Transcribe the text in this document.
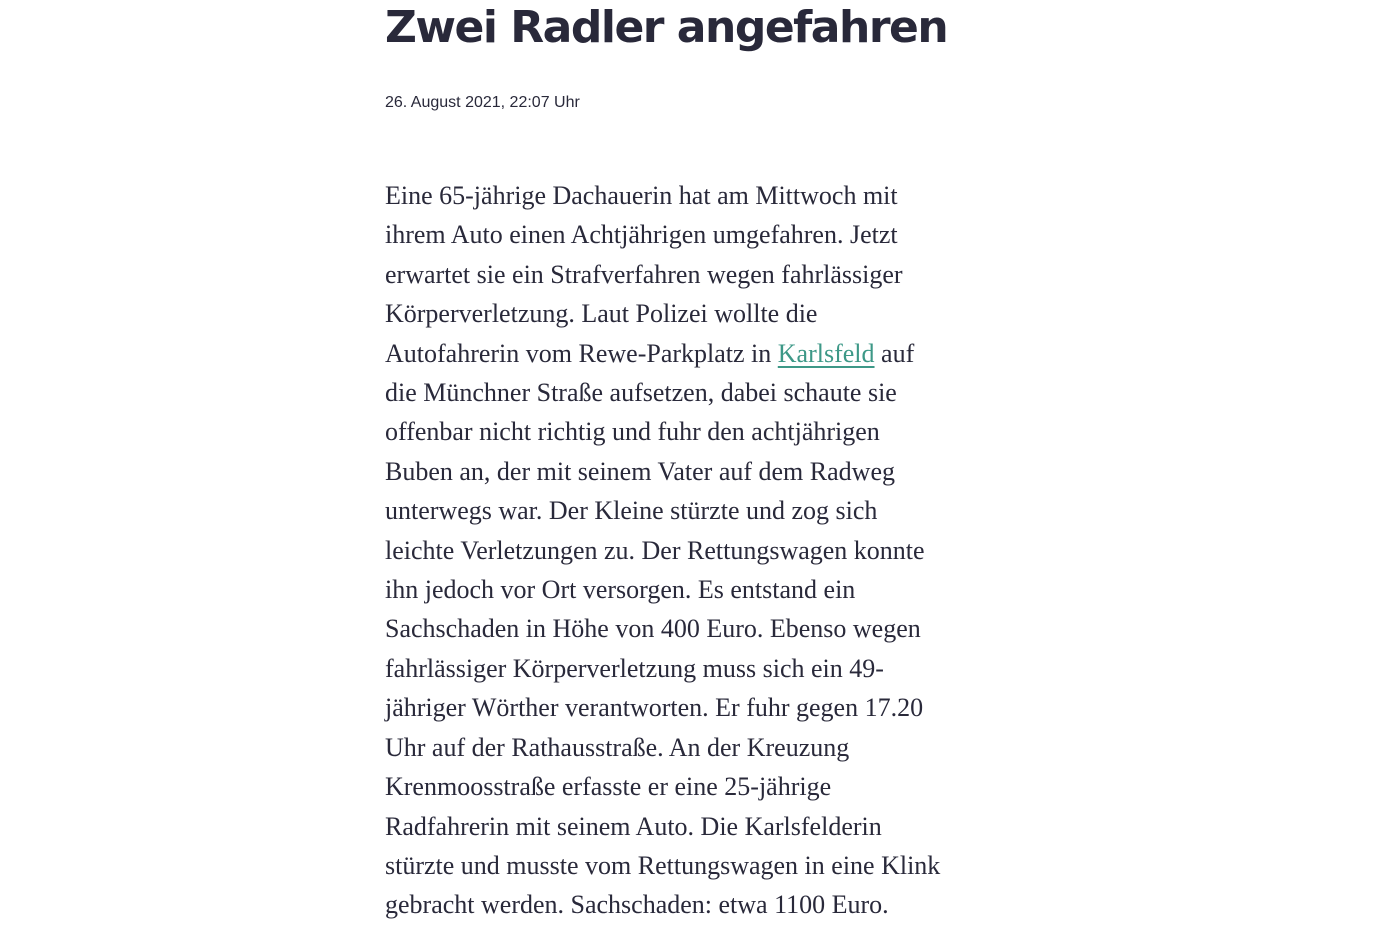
Zwei Radler angefahren
26. August 2021, 22:07 Uhr

Eine 65-jährige Dachauerin hat am Mittwoch mit
ihrem Auto einen Achtjährigen umgefahren. Jetzt
erwartet sie ein Strafverfahren wegen fahrlässiger
Körperverletzung. Laut Polizei wollte die
Autofahrerin vom Rewe-Parkplatz in Karlsfeld auf
die Münchner Straße aufsetzen, dabei schaute sie
offenbar nicht richtig und fuhr den achtjährigen
Buben an, der mit seinem Vater auf dem Radweg
unterwegs war. Der Kleine stürzte und zog sich
leichte Verletzungen zu. Der Rettungswagen konnte
ihn jedoch vor Ort versorgen. Es entstand ein
Sachschaden in Höhe von 400 Euro. Ebenso wegen
fahrlässiger Körperverletzung muss sich ein 49-
jähriger Wörther verantworten. Er fuhr gegen 17.20
Uhr auf der Rathausstraße. An der Kreuzung
Krenmoosstraße erfasste er eine 25-jährige
Radfahrerin mit seinem Auto. Die Karlsfelderin
stürzte und musste vom Rettungswagen in eine Klink
gebracht werden. Sachschaden: etwa 1100 Euro.
